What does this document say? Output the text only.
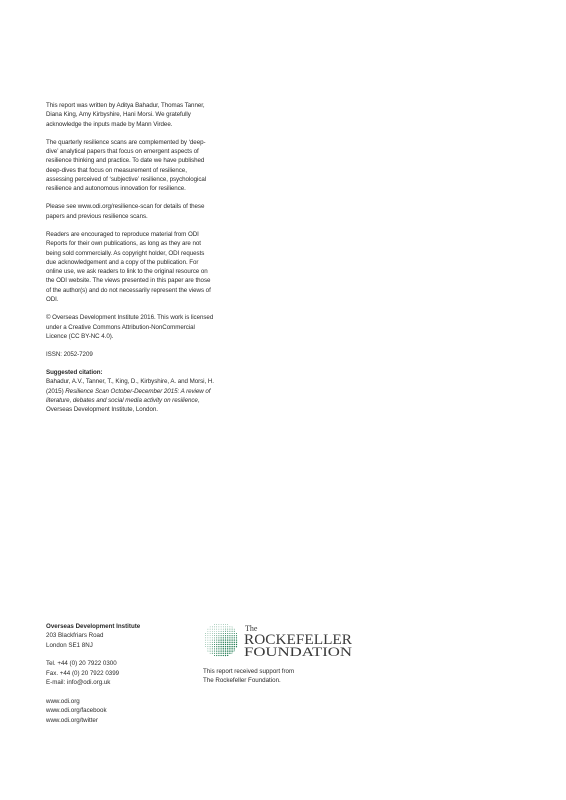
This report was written by Aditya Bahadur, Thomas Tanner, Diana King, Amy Kirbyshire, Hani Morsi. We gratefully acknowledge the inputs made by Mann Virdee.

The quarterly resilience scans are complemented by ‘deep-dive’ analytical papers that focus on emergent aspects of resilience thinking and practice. To date we have published deep-dives that focus on measurement of resilience, assessing perceived of ‘subjective’ resilience, psychological resilience and autonomous innovation for resilience.

Please see www.odi.org/resilience-scan for details of these papers and previous resilience scans.

Readers are encouraged to reproduce material from ODI Reports for their own publications, as long as they are not being sold commercially. As copyright holder, ODI requests due acknowledgement and a copy of the publication. For online use, we ask readers to link to the original resource on the ODI website. The views presented in this paper are those of the author(s) and do not necessarily represent the views of ODI.

© Overseas Development Institute 2016. This work is licensed under a Creative Commons Attribution-NonCommercial Licence (CC BY-NC 4.0).

ISSN: 2052-7209

Suggested citation:

Bahadur, A.V., Tanner, T., King, D., Kirbyshire, A. and Morsi, H. (2015) Resilience Scan October-December 2015: A review of literature, debates and social media activity on resilience, Overseas Development Institute, London.

Overseas Development Institute
203 Blackfriars Road
London SE1 8NJ

Tel. +44 (0) 20 7922 0300
Fax. +44 (0) 20 7922 0399
E-mail: info@odi.org.uk

www.odi.org
www.odi.org/facebook
www.odi.org/twitter

The
ROCKEFELLER
FOUNDATION
This report received support from
The Rockefeller Foundation.
